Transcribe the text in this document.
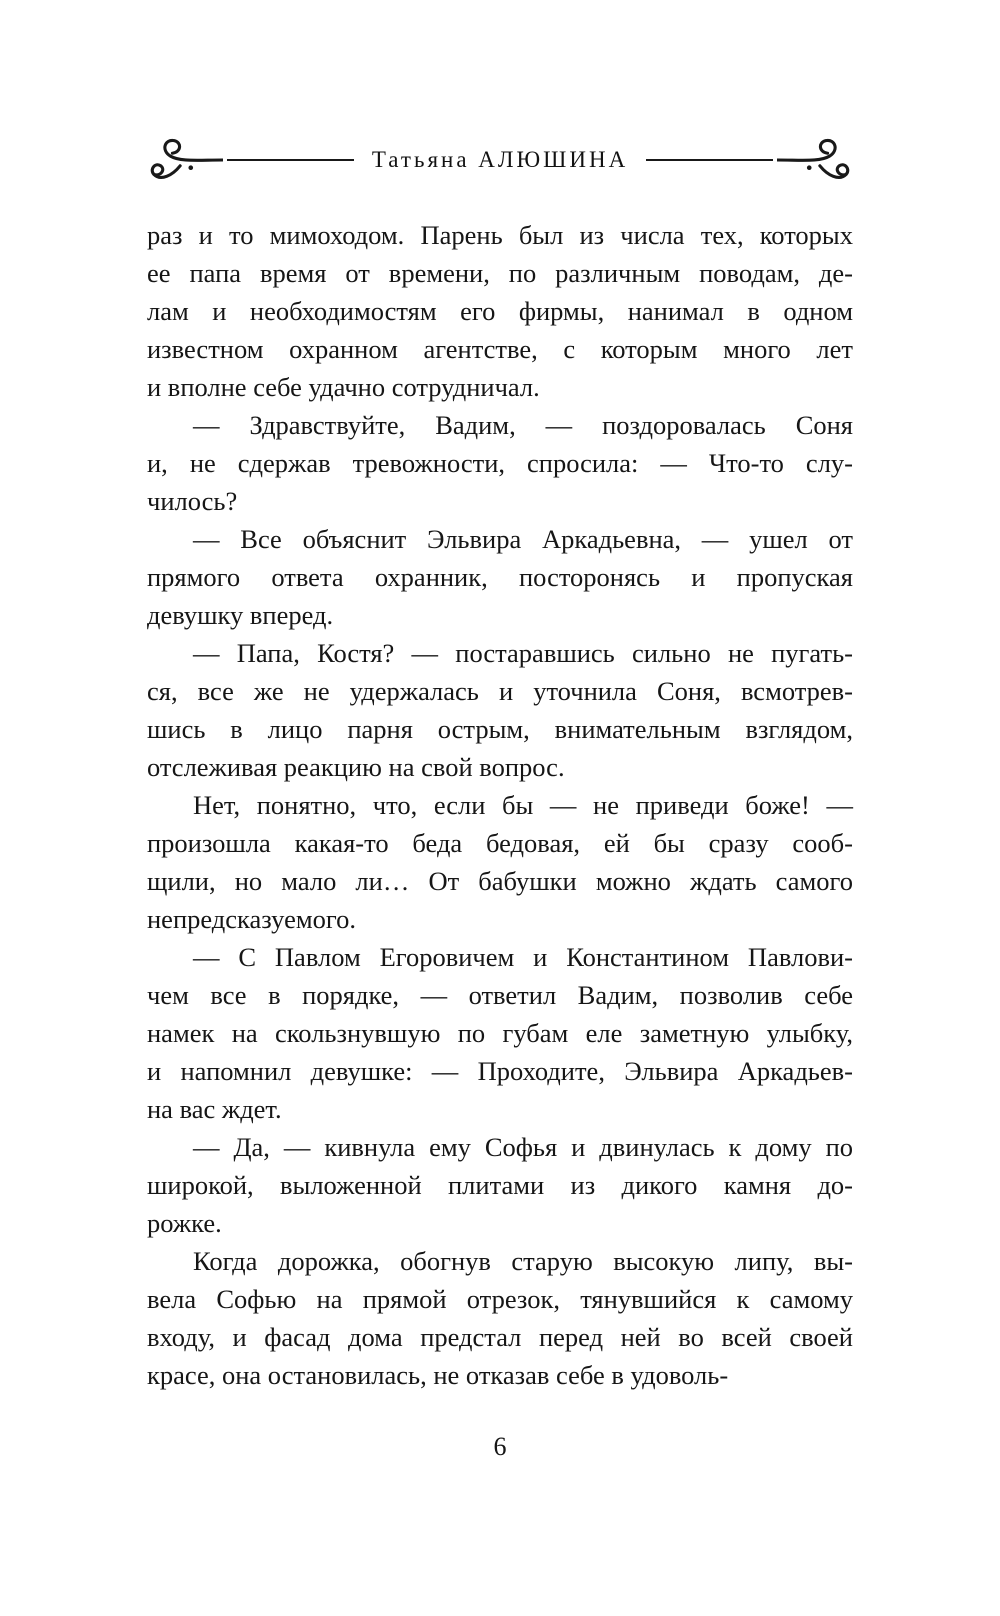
Татьяна АЛЮШИНА
раз и то мимоходом. Парень был из числа тех, которых
ее папа время от времени, по различным поводам, де-
лам и необходимостям его фирмы, нанимал в одном
известном охранном агентстве, с которым много лет
и вполне себе удачно сотрудничал.
— Здравствуйте, Вадим, — поздоровалась Соня
и, не сдержав тревожности, спросила: — Что-то слу-
чилось?
— Все объяснит Эльвира Аркадьевна, — ушел от
прямого ответа охранник, посторонясь и пропуская
девушку вперед.
— Папа, Костя? — постаравшись сильно не пугать-
ся, все же не удержалась и уточнила Соня, всмотрев-
шись в лицо парня острым, внимательным взглядом,
отслеживая реакцию на свой вопрос.
Нет, понятно, что, если бы — не приведи боже! —
произошла какая-то беда бедовая, ей бы сразу сооб-
щили, но мало ли… От бабушки можно ждать самого
непредсказуемого.
— С Павлом Егоровичем и Константином Павлови-
чем все в порядке, — ответил Вадим, позволив себе
намек на скользнувшую по губам еле заметную улыбку,
и напомнил девушке: — Проходите, Эльвира Аркадьев-
на вас ждет.
— Да, — кивнула ему Софья и двинулась к дому по
широкой, выложенной плитами из дикого камня до-
рожке.
Когда дорожка, обогнув старую высокую липу, вы-
вела Софью на прямой отрезок, тянувшийся к самому
входу, и фасад дома предстал перед ней во всей своей
красе, она остановилась, не отказав себе в удоволь-
6
